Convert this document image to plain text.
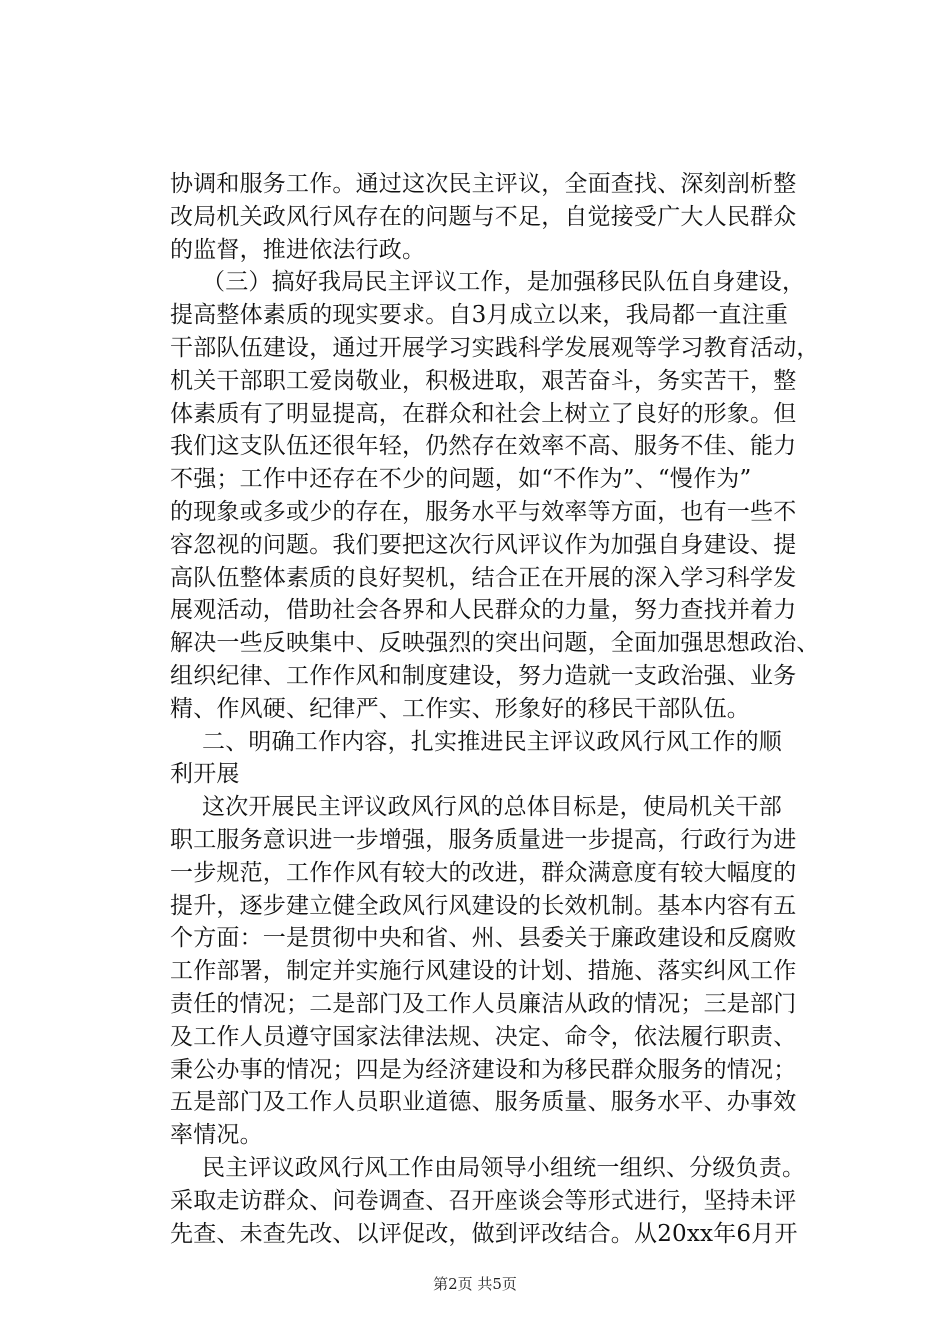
协调和服务工作。通过这次民主评议，全面查找、深刻剖析整
改局机关政风行风存在的问题与不足，自觉接受广大人民群众
的监督，推进依法行政。
（三）搞好我局民主评议工作，是加强移民队伍自身建设，
提高整体素质的现实要求。自3月成立以来，我局都一直注重
干部队伍建设，通过开展学习实践科学发展观等学习教育活动，
机关干部职工爱岗敬业，积极进取，艰苦奋斗，务实苦干，整
体素质有了明显提高，在群众和社会上树立了良好的形象。但
我们这支队伍还很年轻，仍然存在效率不高、服务不佳、能力
不强；工作中还存在不少的问题，如“不作为”、“慢作为”
的现象或多或少的存在，服务水平与效率等方面，也有一些不
容忽视的问题。我们要把这次行风评议作为加强自身建设、提
高队伍整体素质的良好契机，结合正在开展的深入学习科学发
展观活动，借助社会各界和人民群众的力量，努力查找并着力
解决一些反映集中、反映强烈的突出问题，全面加强思想政治、
组织纪律、工作作风和制度建设，努力造就一支政治强、业务
精、作风硬、纪律严、工作实、形象好的移民干部队伍。
二、明确工作内容，扎实推进民主评议政风行风工作的顺
利开展
这次开展民主评议政风行风的总体目标是，使局机关干部
职工服务意识进一步增强，服务质量进一步提高，行政行为进
一步规范，工作作风有较大的改进，群众满意度有较大幅度的
提升，逐步建立健全政风行风建设的长效机制。基本内容有五
个方面：一是贯彻中央和省、州、县委关于廉政建设和反腐败
工作部署，制定并实施行风建设的计划、措施、落实纠风工作
责任的情况；二是部门及工作人员廉洁从政的情况；三是部门
及工作人员遵守国家法律法规、决定、命令，依法履行职责、
秉公办事的情况；四是为经济建设和为移民群众服务的情况；
五是部门及工作人员职业道德、服务质量、服务水平、办事效
率情况。
民主评议政风行风工作由局领导小组统一组织、分级负责。
采取走访群众、问卷调查、召开座谈会等形式进行，坚持未评
先查、未查先改、以评促改，做到评改结合。从20xx年6月开
第2页 共5页
